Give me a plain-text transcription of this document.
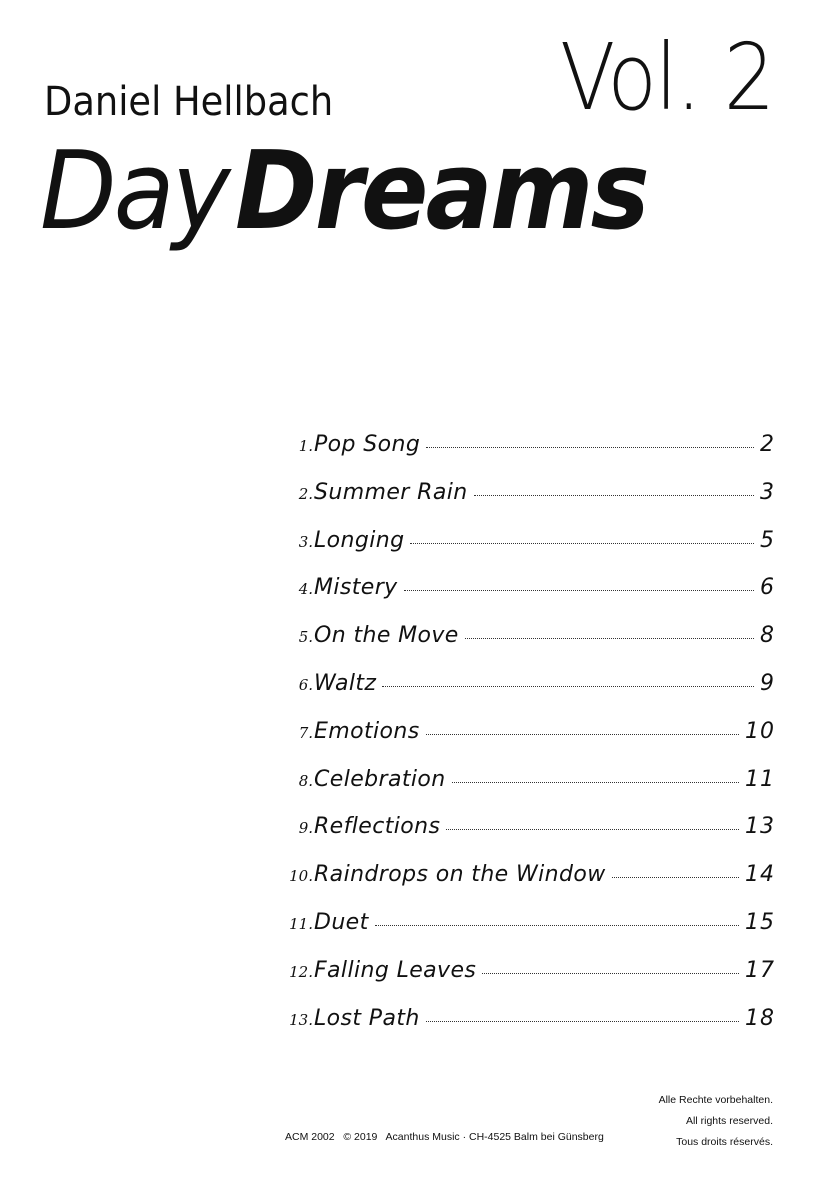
Vol. 2
Daniel Hellbach
Day Dreams
1. Pop Song	2
2. Summer Rain	3
3. Longing	5
4. Mistery	6
5. On the Move	8
6. Waltz	9
7. Emotions	10
8. Celebration	11
9. Reflections	13
10. Raindrops on the Window	14
11. Duet	15
12. Falling Leaves	17
13. Lost Path	18
Alle Rechte vorbehalten.
All rights reserved.
Tous droits réservés.
ACM 2002   © 2019   Acanthus Music · CH-4525 Balm bei Günsberg
